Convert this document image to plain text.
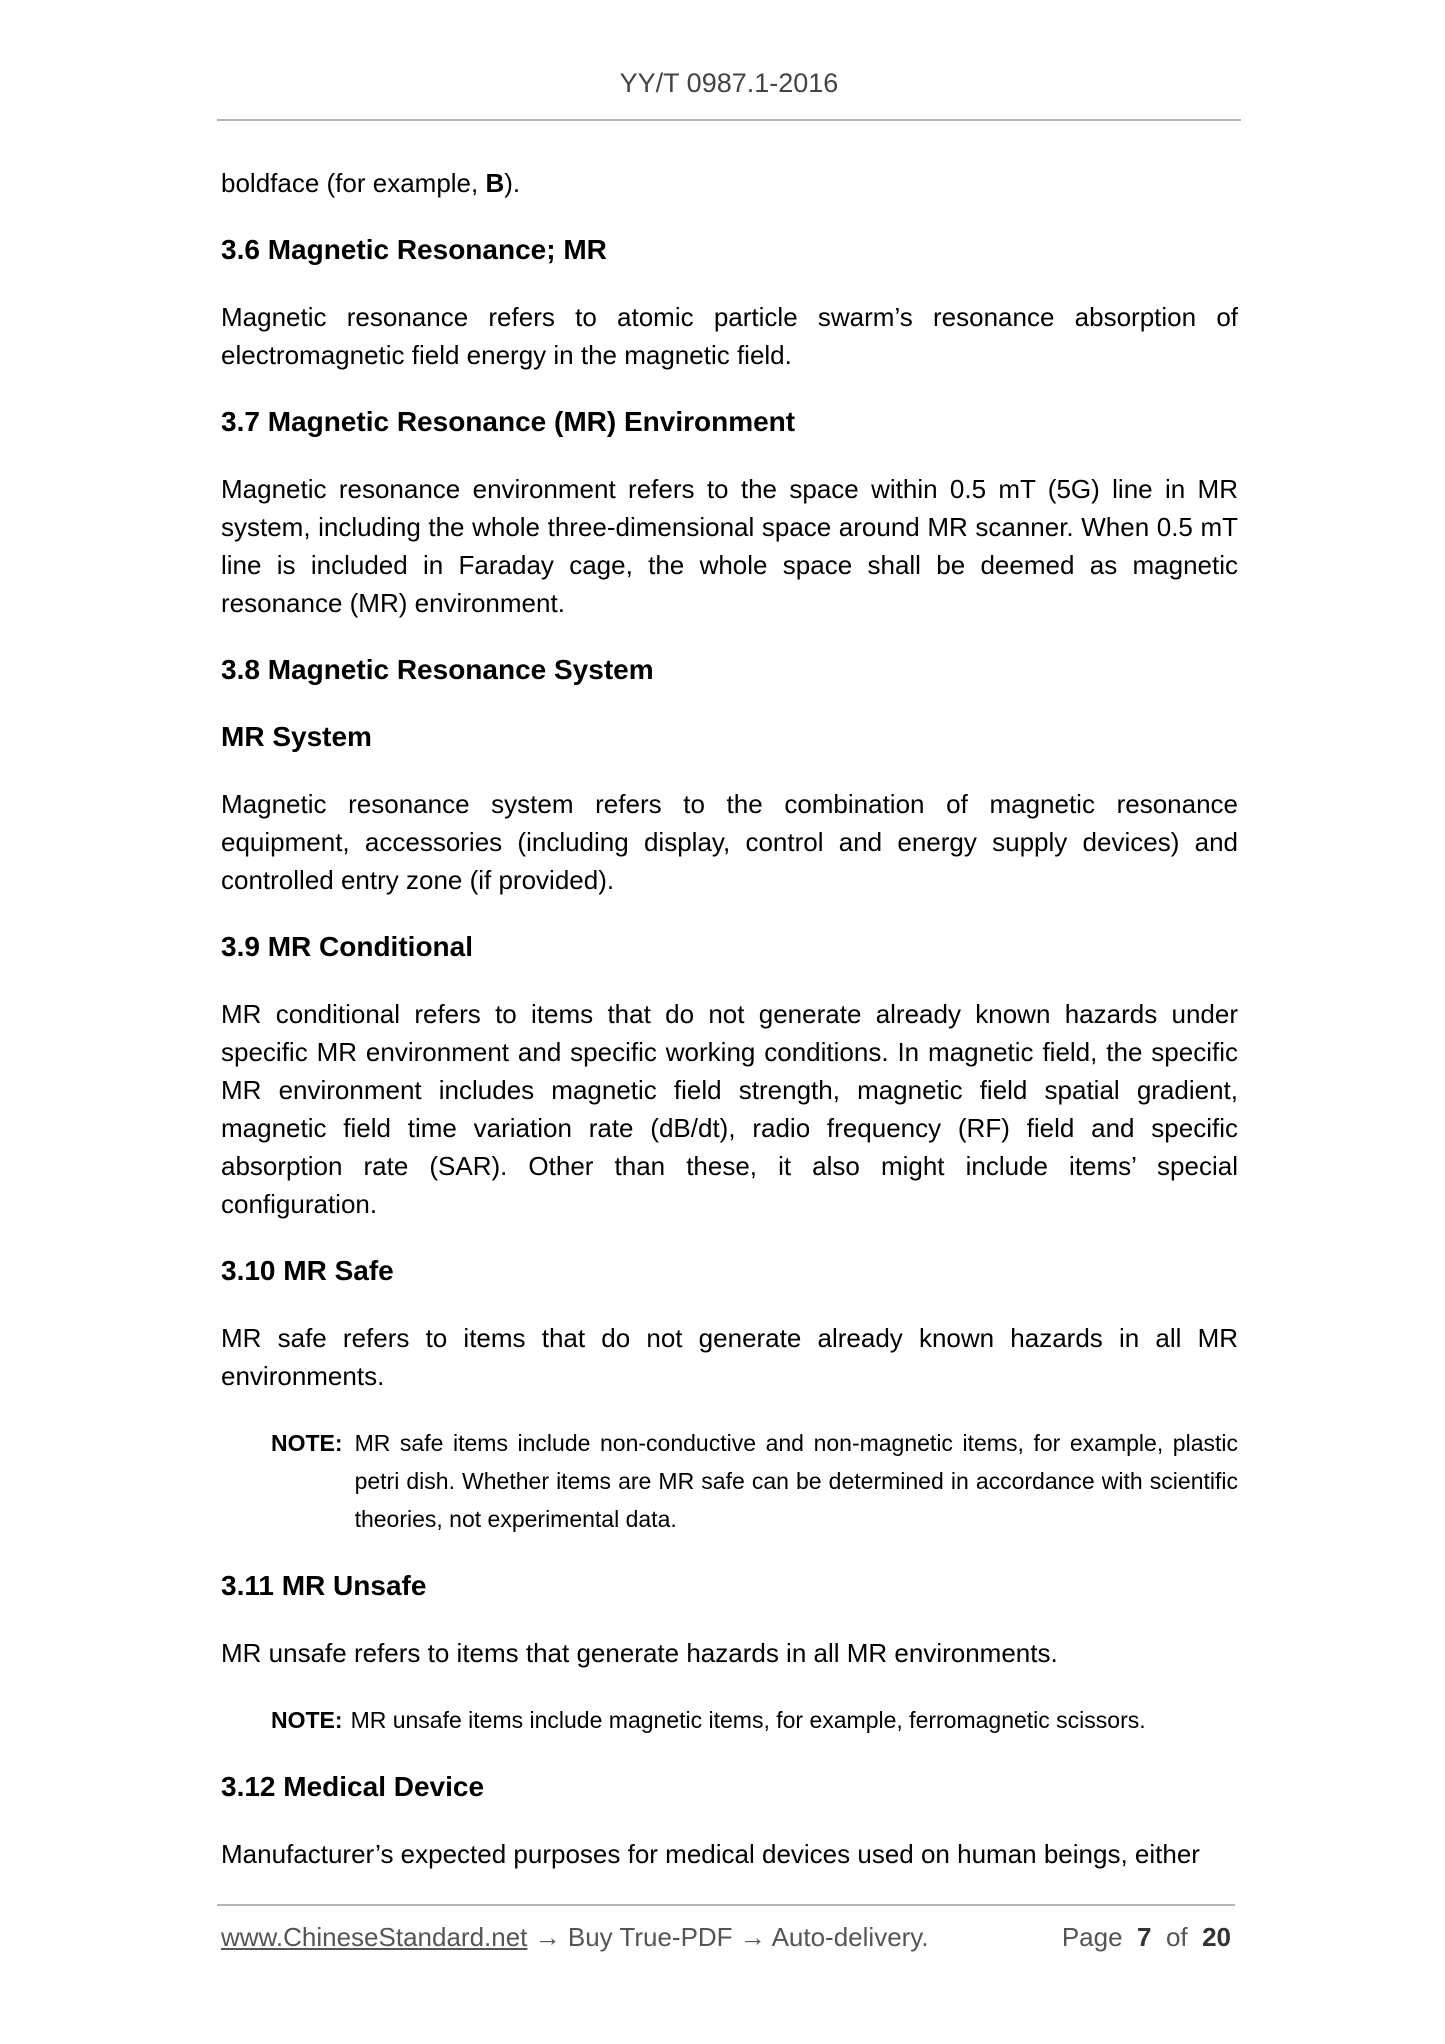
YY/T 0987.1-2016

boldface (for example, B).

3.6 Magnetic Resonance; MR

Magnetic resonance refers to atomic particle swarm’s resonance absorption of electromagnetic field energy in the magnetic field.

3.7 Magnetic Resonance (MR) Environment

Magnetic resonance environment refers to the space within 0.5 mT (5G) line in MR system, including the whole three-dimensional space around MR scanner. When 0.5 mT line is included in Faraday cage, the whole space shall be deemed as magnetic resonance (MR) environment.

3.8 Magnetic Resonance System
MR System

Magnetic resonance system refers to the combination of magnetic resonance equipment, accessories (including display, control and energy supply devices) and controlled entry zone (if provided).

3.9 MR Conditional

MR conditional refers to items that do not generate already known hazards under specific MR environment and specific working conditions. In magnetic field, the specific MR environment includes magnetic field strength, magnetic field spatial gradient, magnetic field time variation rate (dB/dt), radio frequency (RF) field and specific absorption rate (SAR). Other than these, it also might include items’ special configuration.

3.10 MR Safe

MR safe refers to items that do not generate already known hazards in all MR environments.

NOTE: MR safe items include non-conductive and non-magnetic items, for example, plastic petri dish. Whether items are MR safe can be determined in accordance with scientific theories, not experimental data.
3.11 MR Unsafe

MR unsafe refers to items that generate hazards in all MR environments.

NOTE: MR unsafe items include magnetic items, for example, ferromagnetic scissors.
3.12 Medical Device

Manufacturer’s expected purposes for medical devices used on human beings, either

www.ChineseStandard.net → Buy True-PDF → Auto-delivery.	Page 7 of 20
